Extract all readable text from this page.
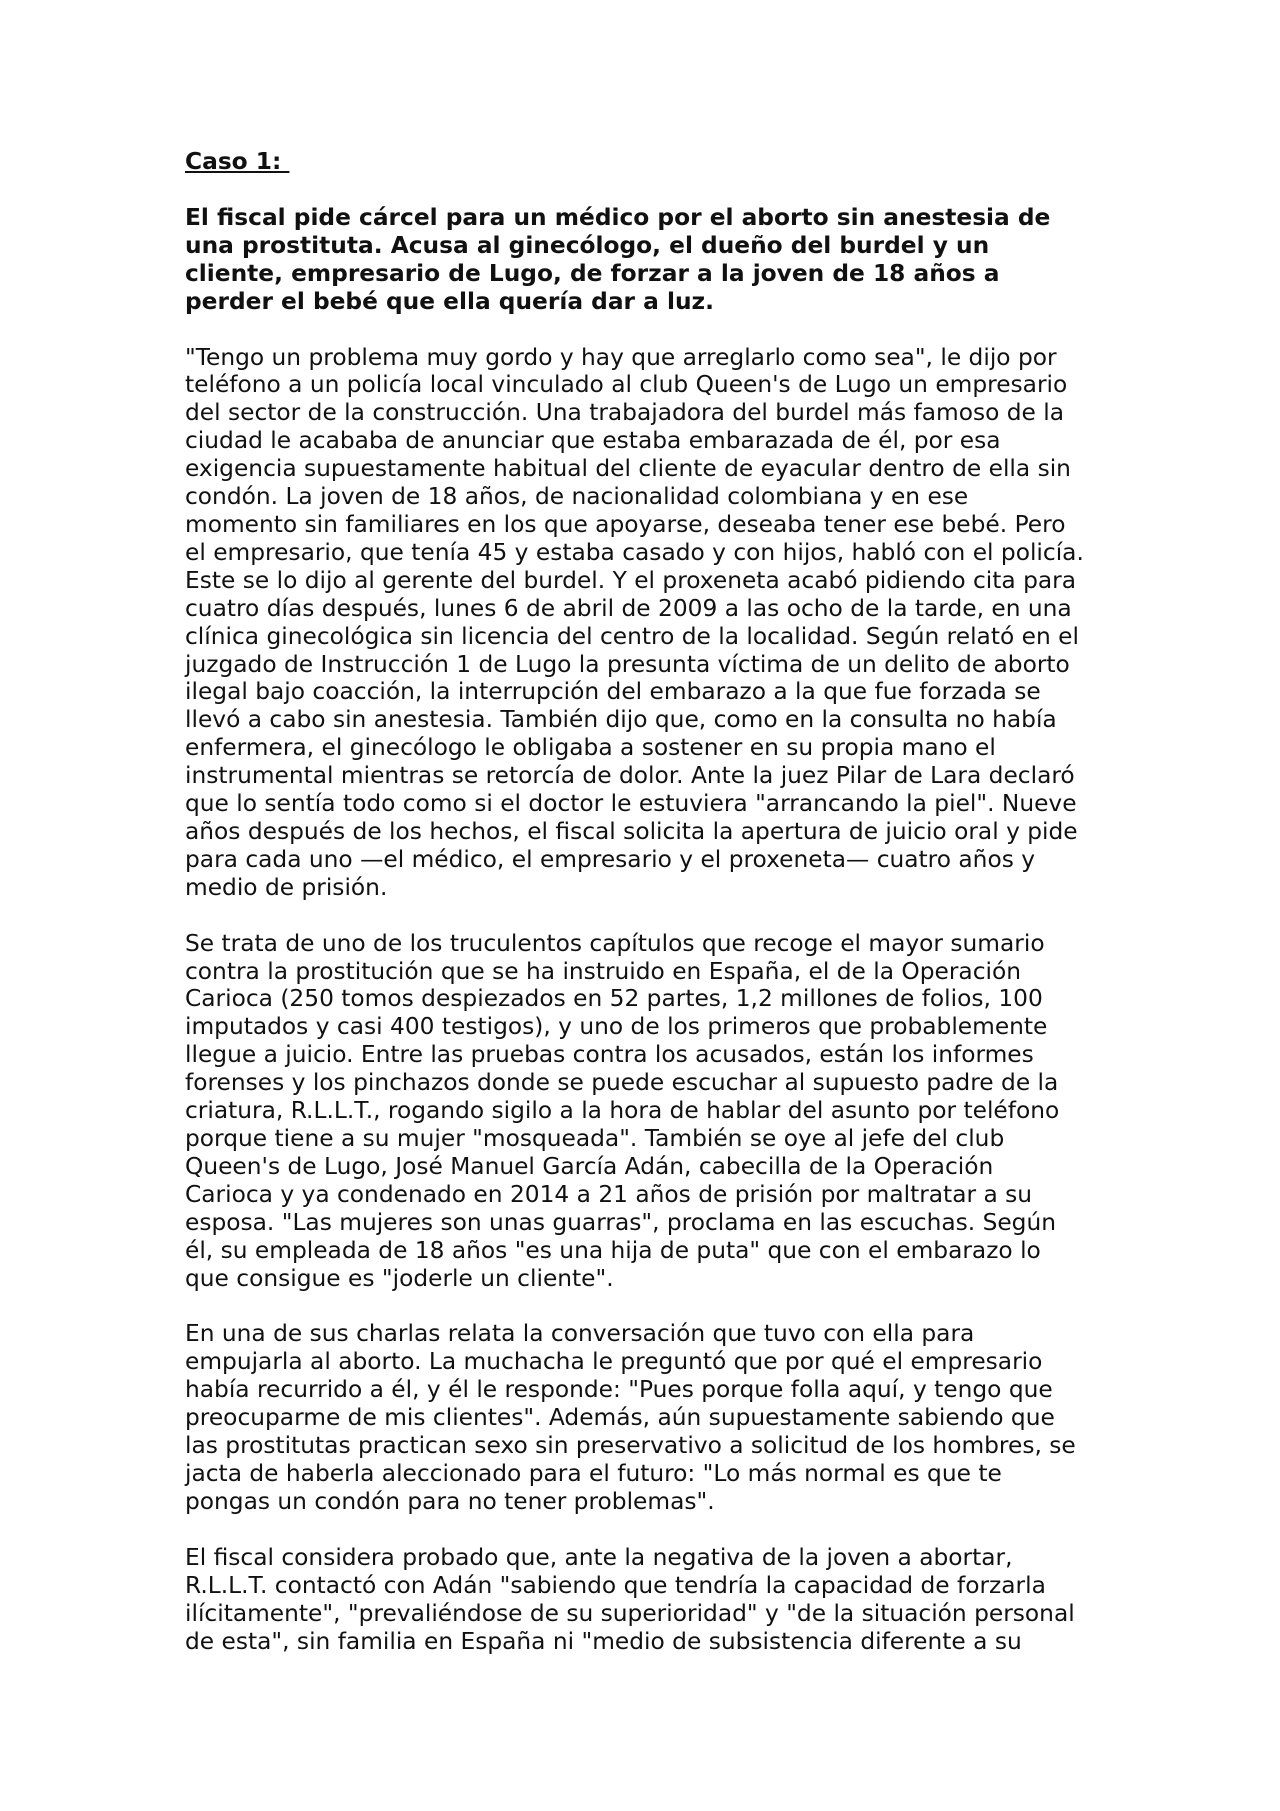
Caso 1:
El fiscal pide cárcel para un médico por el aborto sin anestesia de
una prostituta. Acusa al ginecólogo, el dueño del burdel y un
cliente, empresario de Lugo, de forzar a la joven de 18 años a
perder el bebé que ella quería dar a luz.
"Tengo un problema muy gordo y hay que arreglarlo como sea", le dijo por
teléfono a un policía local vinculado al club Queen's de Lugo un empresario
del sector de la construcción. Una trabajadora del burdel más famoso de la
ciudad le acababa de anunciar que estaba embarazada de él, por esa
exigencia supuestamente habitual del cliente de eyacular dentro de ella sin
condón. La joven de 18 años, de nacionalidad colombiana y en ese
momento sin familiares en los que apoyarse, deseaba tener ese bebé. Pero
el empresario, que tenía 45 y estaba casado y con hijos, habló con el policía.
Este se lo dijo al gerente del burdel. Y el proxeneta acabó pidiendo cita para
cuatro días después, lunes 6 de abril de 2009 a las ocho de la tarde, en una
clínica ginecológica sin licencia del centro de la localidad. Según relató en el
juzgado de Instrucción 1 de Lugo la presunta víctima de un delito de aborto
ilegal bajo coacción, la interrupción del embarazo a la que fue forzada se
llevó a cabo sin anestesia. También dijo que, como en la consulta no había
enfermera, el ginecólogo le obligaba a sostener en su propia mano el
instrumental mientras se retorcía de dolor. Ante la juez Pilar de Lara declaró
que lo sentía todo como si el doctor le estuviera "arrancando la piel". Nueve
años después de los hechos, el fiscal solicita la apertura de juicio oral y pide
para cada uno —el médico, el empresario y el proxeneta— cuatro años y
medio de prisión.
Se trata de uno de los truculentos capítulos que recoge el mayor sumario
contra la prostitución que se ha instruido en España, el de la Operación
Carioca (250 tomos despiezados en 52 partes, 1,2 millones de folios, 100
imputados y casi 400 testigos), y uno de los primeros que probablemente
llegue a juicio. Entre las pruebas contra los acusados, están los informes
forenses y los pinchazos donde se puede escuchar al supuesto padre de la
criatura, R.L.L.T., rogando sigilo a la hora de hablar del asunto por teléfono
porque tiene a su mujer "mosqueada". También se oye al jefe del club
Queen's de Lugo, José Manuel García Adán, cabecilla de la Operación
Carioca y ya condenado en 2014 a 21 años de prisión por maltratar a su
esposa. "Las mujeres son unas guarras", proclama en las escuchas. Según
él, su empleada de 18 años "es una hija de puta" que con el embarazo lo
que consigue es "joderle un cliente".
En una de sus charlas relata la conversación que tuvo con ella para
empujarla al aborto. La muchacha le preguntó que por qué el empresario
había recurrido a él, y él le responde: "Pues porque folla aquí, y tengo que
preocuparme de mis clientes". Además, aún supuestamente sabiendo que
las prostitutas practican sexo sin preservativo a solicitud de los hombres, se
jacta de haberla aleccionado para el futuro: "Lo más normal es que te
pongas un condón para no tener problemas".
El fiscal considera probado que, ante la negativa de la joven a abortar,
R.L.L.T. contactó con Adán "sabiendo que tendría la capacidad de forzarla
ilícitamente", "prevaliéndose de su superioridad" y "de la situación personal
de esta", sin familia en España ni "medio de subsistencia diferente a su
